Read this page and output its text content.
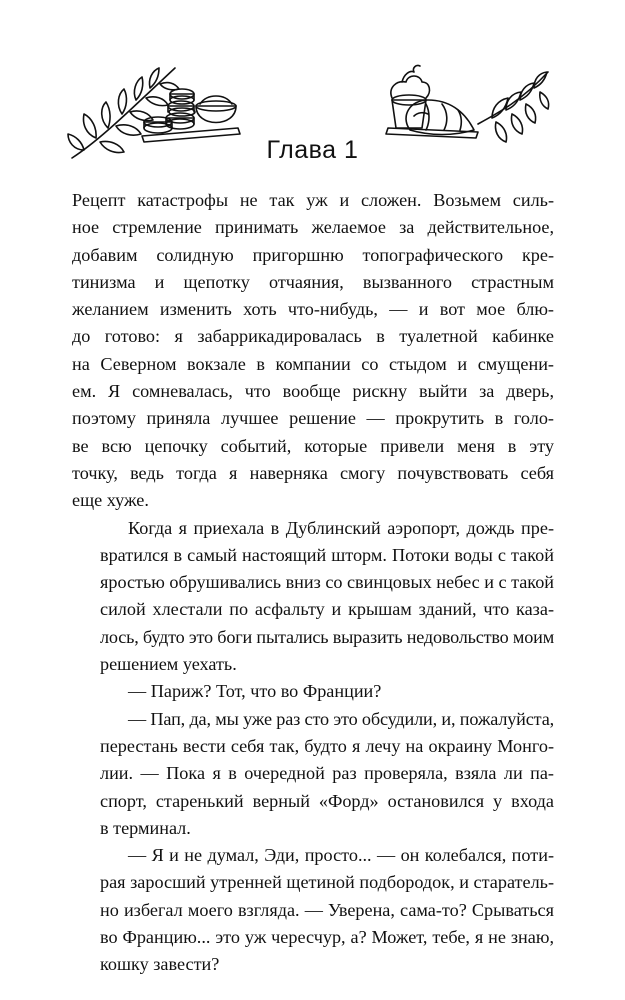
Глава 1

Рецепт катастрофы не так уж и сложен. Возьмем силь-
ное стремление принимать желаемое за действительное,
добавим солидную пригоршню топографического кре-
тинизма и щепотку отчаяния, вызванного страстным
желанием изменить хоть что-нибудь, — и вот мое блю-
до готово: я забаррикадировалась в туалетной кабинке
на Северном вокзале в компании со стыдом и смущени-
ем. Я сомневалась, что вообще рискну выйти за дверь,
поэтому приняла лучшее решение — прокрутить в голо-
ве всю цепочку событий, которые привели меня в эту
точку, ведь тогда я наверняка смогу почувствовать себя
еще хуже.

Когда я приехала в Дублинский аэропорт, дождь пре-
вратился в самый настоящий шторм. Потоки воды с такой
яростью обрушивались вниз со свинцовых небес и с такой
силой хлестали по асфальту и крышам зданий, что каза-
лось, будто это боги пытались выразить недовольство моим
решением уехать.

— Париж? Тот, что во Франции?

— Пап, да, мы уже раз сто это обсудили, и, пожалуйста,
перестань вести себя так, будто я лечу на окраину Монго-
лии. — Пока я в очередной раз проверяла, взяла ли па-
спорт, старенький верный «Форд» остановился у входа
в терминал.

— Я и не думал, Эди, просто... — он колебался, поти-
рая заросший утренней щетиной подбородок, и старатель-
но избегал моего взгляда. — Уверена, сама-то? Срываться
во Францию... это уж чересчур, а? Может, тебе, я не знаю,
кошку завести?
